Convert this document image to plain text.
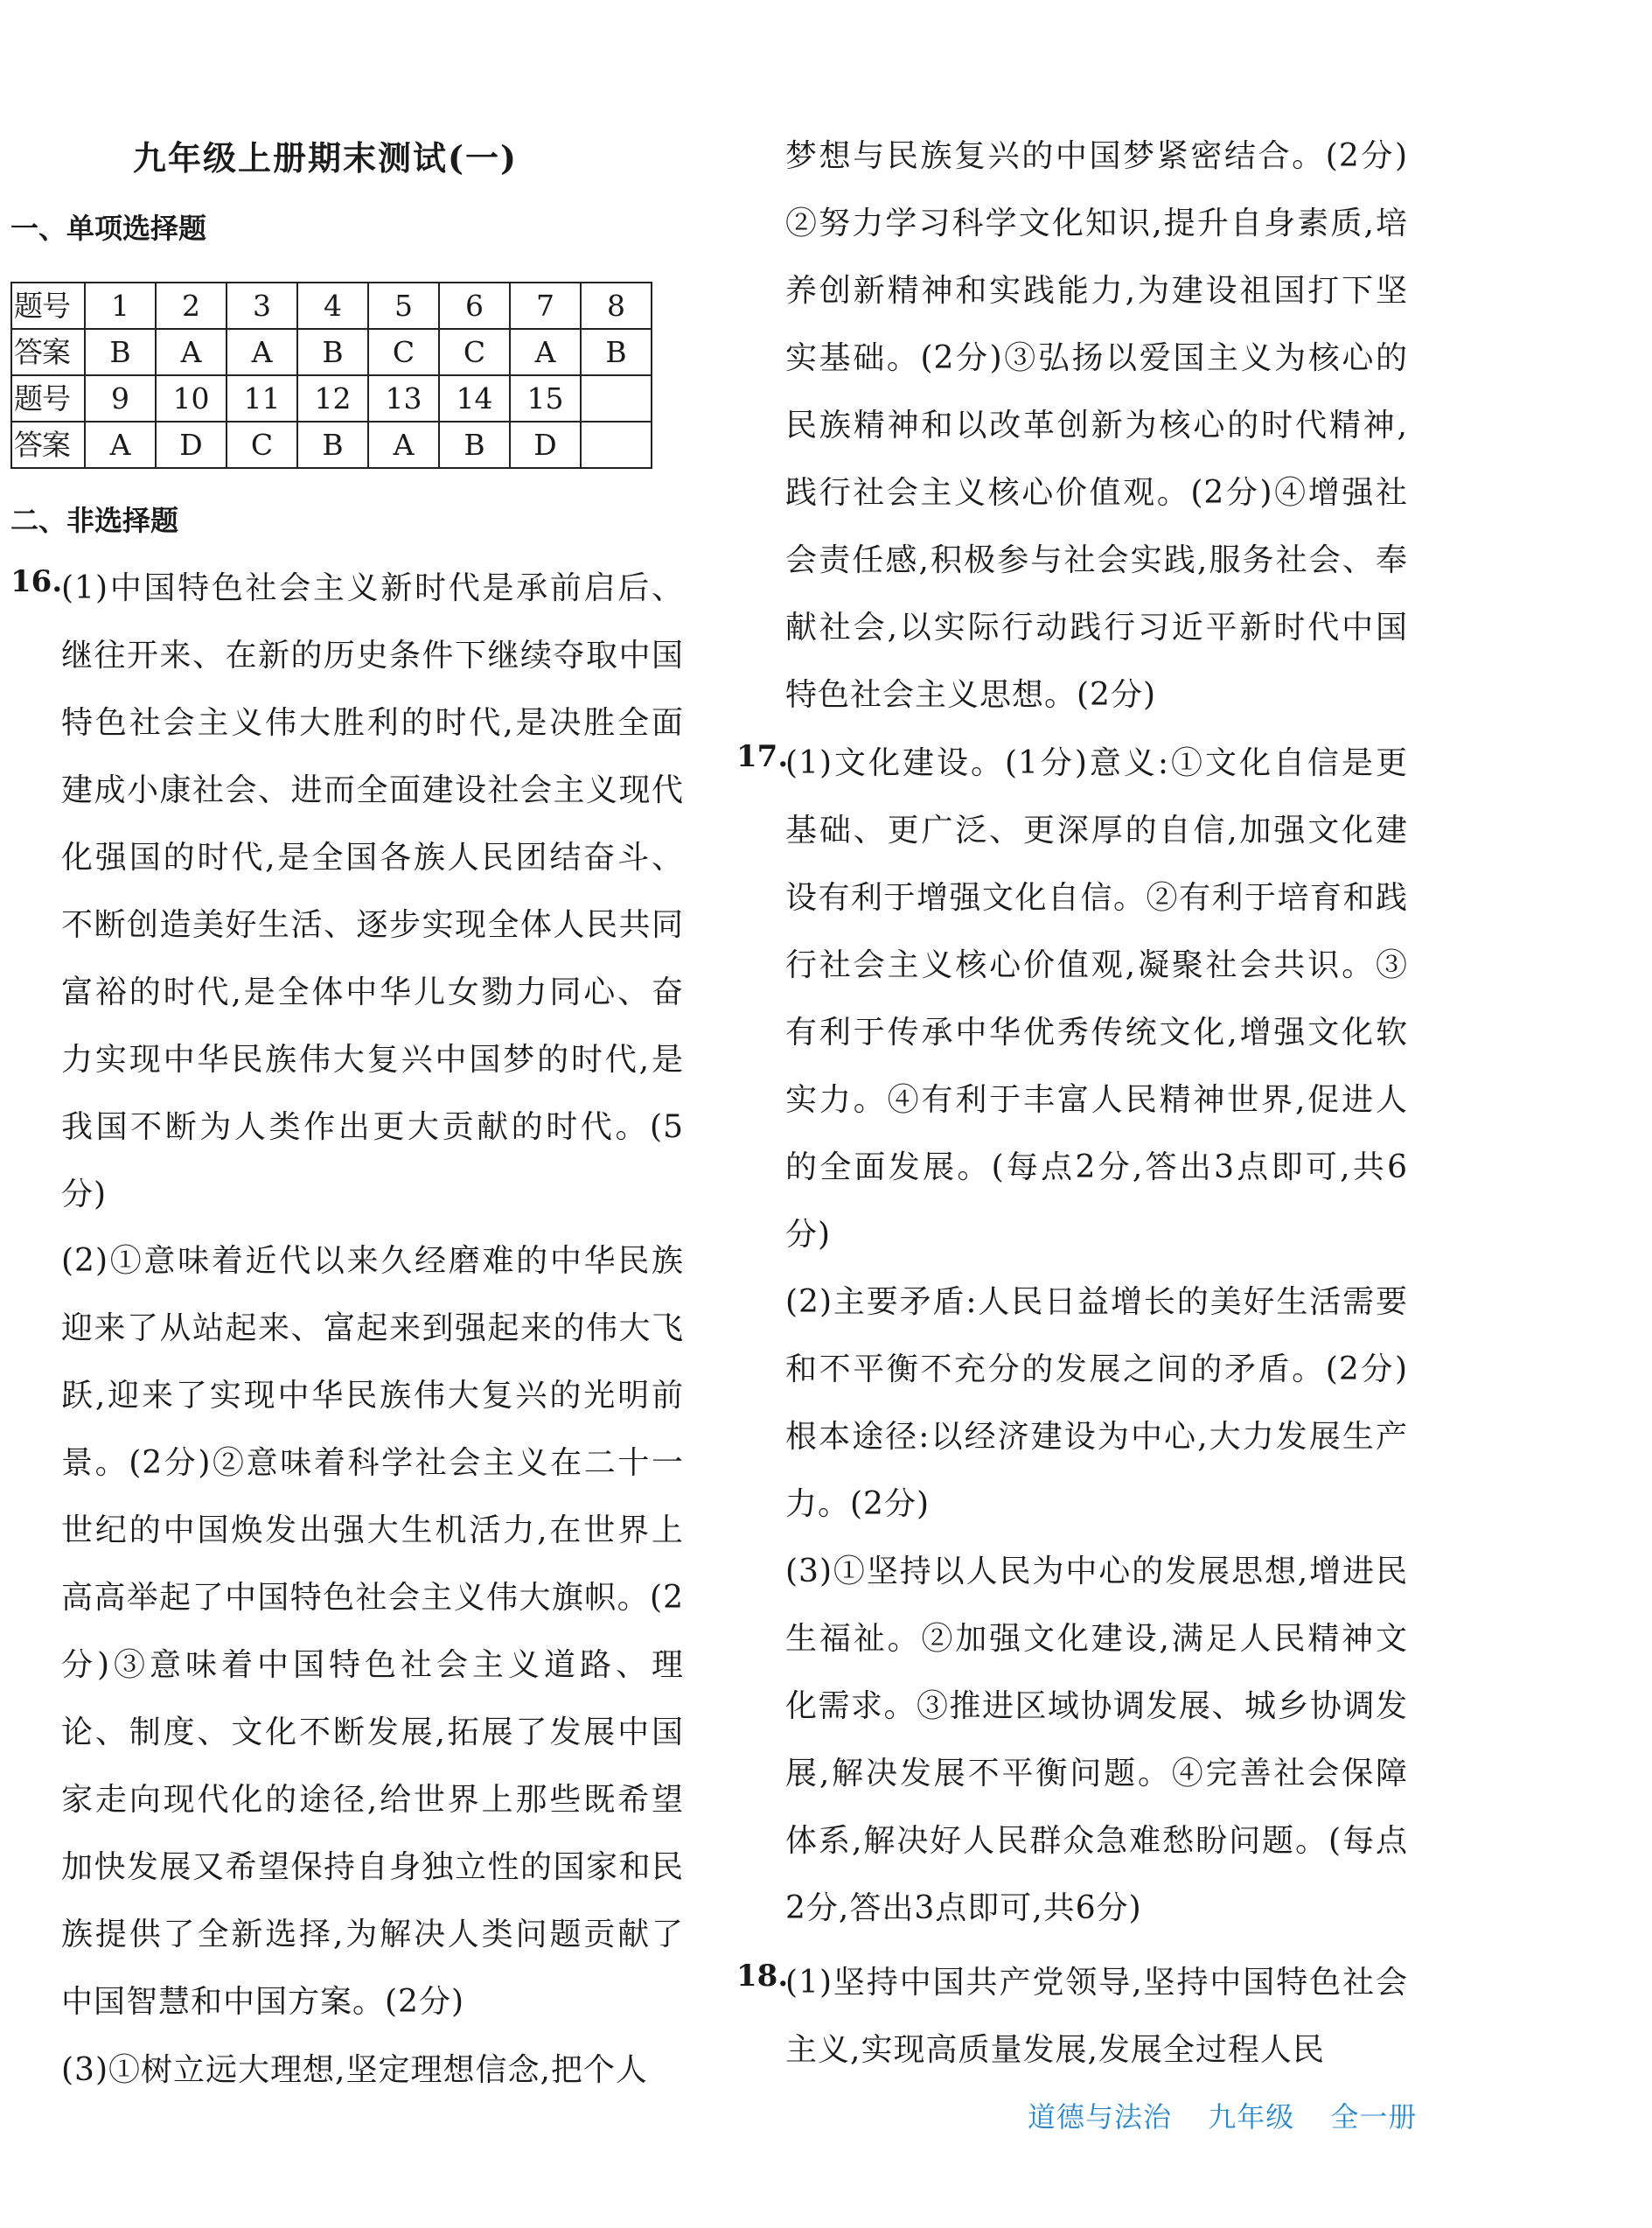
九年级上册期末测试(一)
一、单项选择题
题号	1	2	3	4	5	6	7	8
答案	B	A	A	B	C	C	A	B
题号	9	10	11	12	13	14	15	
答案	A	D	C	B	A	B	D	
二、非选择题
16.

(1)中国特色社会主义新时代是承前启后、继往开来、在新的历史条件下继续夺取中国特色社会主义伟大胜利的时代,是决胜全面建成小康社会、进而全面建设社会主义现代化强国的时代,是全国各族人民团结奋斗、不断创造美好生活、逐步实现全体人民共同富裕的时代,是全体中华儿女勠力同心、奋力实现中华民族伟大复兴中国梦的时代,是我国不断为人类作出更大贡献的时代。(5分)

(2)①意味着近代以来久经磨难的中华民族迎来了从站起来、富起来到强起来的伟大飞跃,迎来了实现中华民族伟大复兴的光明前景。(2分)②意味着科学社会主义在二十一世纪的中国焕发出强大生机活力,在世界上高高举起了中国特色社会主义伟大旗帜。(2分)③意味着中国特色社会主义道路、理论、制度、文化不断发展,拓展了发展中国家走向现代化的途径,给世界上那些既希望加快发展又希望保持自身独立性的国家和民族提供了全新选择,为解决人类问题贡献了中国智慧和中国方案。(2分)

(3)①树立远大理想,坚定理想信念,把个人

梦想与民族复兴的中国梦紧密结合。(2分)②努力学习科学文化知识,提升自身素质,培养创新精神和实践能力,为建设祖国打下坚实基础。(2分)③弘扬以爱国主义为核心的民族精神和以改革创新为核心的时代精神,践行社会主义核心价值观。(2分)④增强社会责任感,积极参与社会实践,服务社会、奉献社会,以实际行动践行习近平新时代中国特色社会主义思想。(2分)

17.

(1)文化建设。(1分)意义:①文化自信是更基础、更广泛、更深厚的自信,加强文化建设有利于增强文化自信。②有利于培育和践行社会主义核心价值观,凝聚社会共识。③有利于传承中华优秀传统文化,增强文化软实力。④有利于丰富人民精神世界,促进人的全面发展。(每点2分,答出3点即可,共6分)

(2)主要矛盾:人民日益增长的美好生活需要和不平衡不充分的发展之间的矛盾。(2分)　根本途径:以经济建设为中心,大力发展生产力。(2分)

(3)①坚持以人民为中心的发展思想,增进民生福祉。②加强文化建设,满足人民精神文化需求。③推进区域协调发展、城乡协调发展,解决发展不平衡问题。④完善社会保障体系,解决好人民群众急难愁盼问题。(每点2分,答出3点即可,共6分)

18.

(1)坚持中国共产党领导,坚持中国特色社会主义,实现高质量发展,发展全过程人民

道德与法治 九年级 全一册
